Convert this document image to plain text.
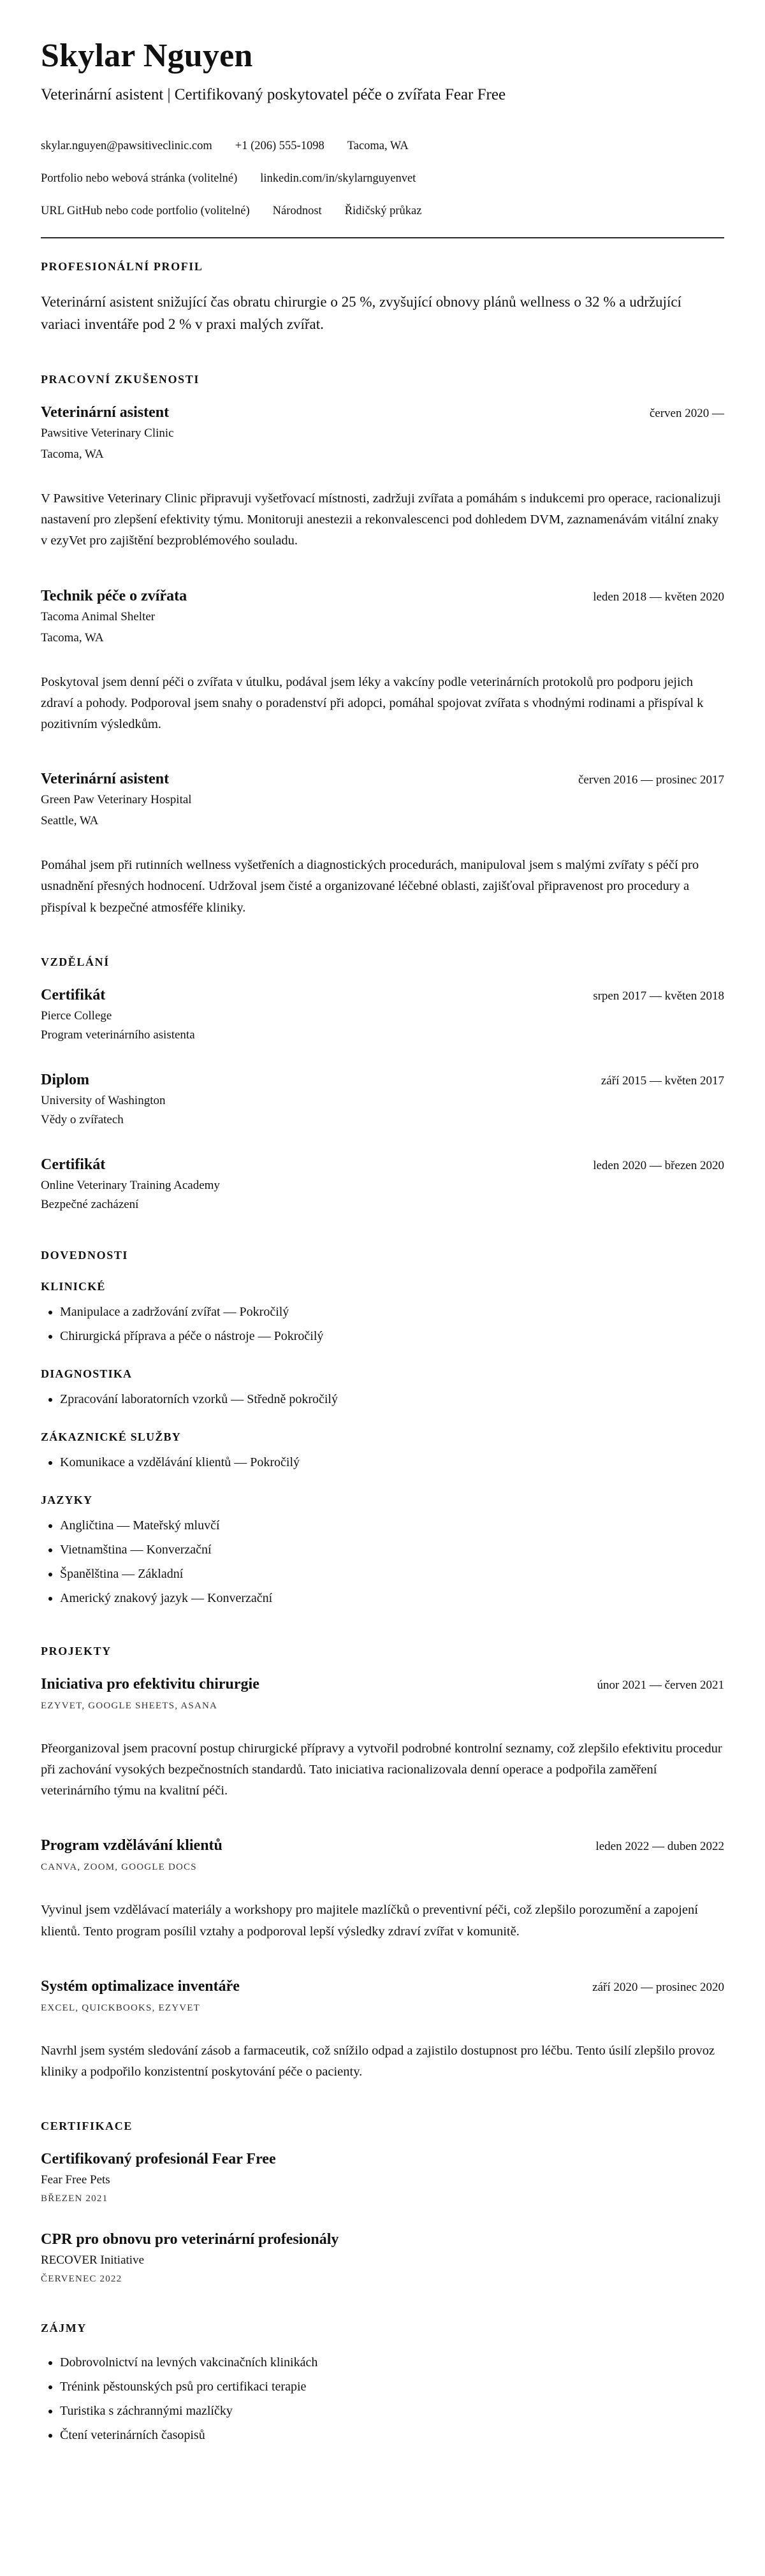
Skylar Nguyen

Veterinární asistent | Certifikovaný poskytovatel péče o zvířata Fear Free

skylar.nguyen@pawsitiveclinic.com +1 (206) 555-1098 Tacoma, WA
Portfolio nebo webová stránka (volitelné) linkedin.com/in/skylarnguyenvet
URL GitHub nebo code portfolio (volitelné) Národnost Řidičský průkaz
PROFESIONÁLNÍ PROFIL

Veterinární asistent snižující čas obratu chirurgie o 25 %, zvyšující obnovy plánů wellness o 32 % a udržující variaci inventáře pod 2 % v praxi malých zvířat.

PRACOVNÍ ZKUŠENOSTI
Veterinární asistent	červen 2020 —

Pawsitive Veterinary Clinic

Tacoma, WA

V Pawsitive Veterinary Clinic připravuji vyšetřovací místnosti, zadržuji zvířata a pomáhám s indukcemi pro operace, racionalizuji nastavení pro zlepšení efektivity týmu. Monitoruji anestezii a rekonvalescenci pod dohledem DVM, zaznamenávám vitální znaky v ezyVet pro zajištění bezproblémového souladu.

Technik péče o zvířata	leden 2018 — květen 2020

Tacoma Animal Shelter

Tacoma, WA

Poskytoval jsem denní péči o zvířata v útulku, podával jsem léky a vakcíny podle veterinárních protokolů pro podporu jejich zdraví a pohody. Podporoval jsem snahy o poradenství při adopci, pomáhal spojovat zvířata s vhodnými rodinami a přispíval k pozitivním výsledkům.

Veterinární asistent	červen 2016 — prosinec 2017

Green Paw Veterinary Hospital

Seattle, WA

Pomáhal jsem při rutinních wellness vyšetřeních a diagnostických procedurách, manipuloval jsem s malými zvířaty s péčí pro usnadnění přesných hodnocení. Udržoval jsem čisté a organizované léčebné oblasti, zajišťoval připravenost pro procedury a přispíval k bezpečné atmosféře kliniky.

VZDĚLÁNÍ
Certifikát	srpen 2017 — květen 2018

Pierce College

Program veterinárního asistenta

Diplom	září 2015 — květen 2017

University of Washington

Vědy o zvířatech

Certifikát	leden 2020 — březen 2020

Online Veterinary Training Academy

Bezpečné zacházení

DOVEDNOSTI
KLINICKÉ
• Manipulace a zadržování zvířat — Pokročilý
• Chirurgická příprava a péče o nástroje — Pokročilý
DIAGNOSTIKA
• Zpracování laboratorních vzorků — Středně pokročilý
ZÁKAZNICKÉ SLUŽBY
• Komunikace a vzdělávání klientů — Pokročilý
JAZYKY
• Angličtina — Mateřský mluvčí
• Vietnamština — Konverzační
• Španělština — Základní
• Americký znakový jazyk — Konverzační
PROJEKTY
Iniciativa pro efektivitu chirurgie	únor 2021 — červen 2021

EZYVET, GOOGLE SHEETS, ASANA

Přeorganizoval jsem pracovní postup chirurgické přípravy a vytvořil podrobné kontrolní seznamy, což zlepšilo efektivitu procedur při zachování vysokých bezpečnostních standardů. Tato iniciativa racionalizovala denní operace a podpořila zaměření veterinárního týmu na kvalitní péči.

Program vzdělávání klientů	leden 2022 — duben 2022

CANVA, ZOOM, GOOGLE DOCS

Vyvinul jsem vzdělávací materiály a workshopy pro majitele mazlíčků o preventivní péči, což zlepšilo porozumění a zapojení klientů. Tento program posílil vztahy a podporoval lepší výsledky zdraví zvířat v komunitě.

Systém optimalizace inventáře	září 2020 — prosinec 2020

EXCEL, QUICKBOOKS, EZYVET

Navrhl jsem systém sledování zásob a farmaceutik, což snížilo odpad a zajistilo dostupnost pro léčbu. Tento úsilí zlepšilo provoz kliniky a podpořilo konzistentní poskytování péče o pacienty.

CERTIFIKACE
Certifikovaný profesionál Fear Free

Fear Free Pets

BŘEZEN 2021

CPR pro obnovu pro veterinární profesionály

RECOVER Initiative

ČERVENEC 2022

ZÁJMY
• Dobrovolnictví na levných vakcinačních klinikách
• Trénink pěstounských psů pro certifikaci terapie
• Turistika s záchrannými mazlíčky
• Čtení veterinárních časopisů
